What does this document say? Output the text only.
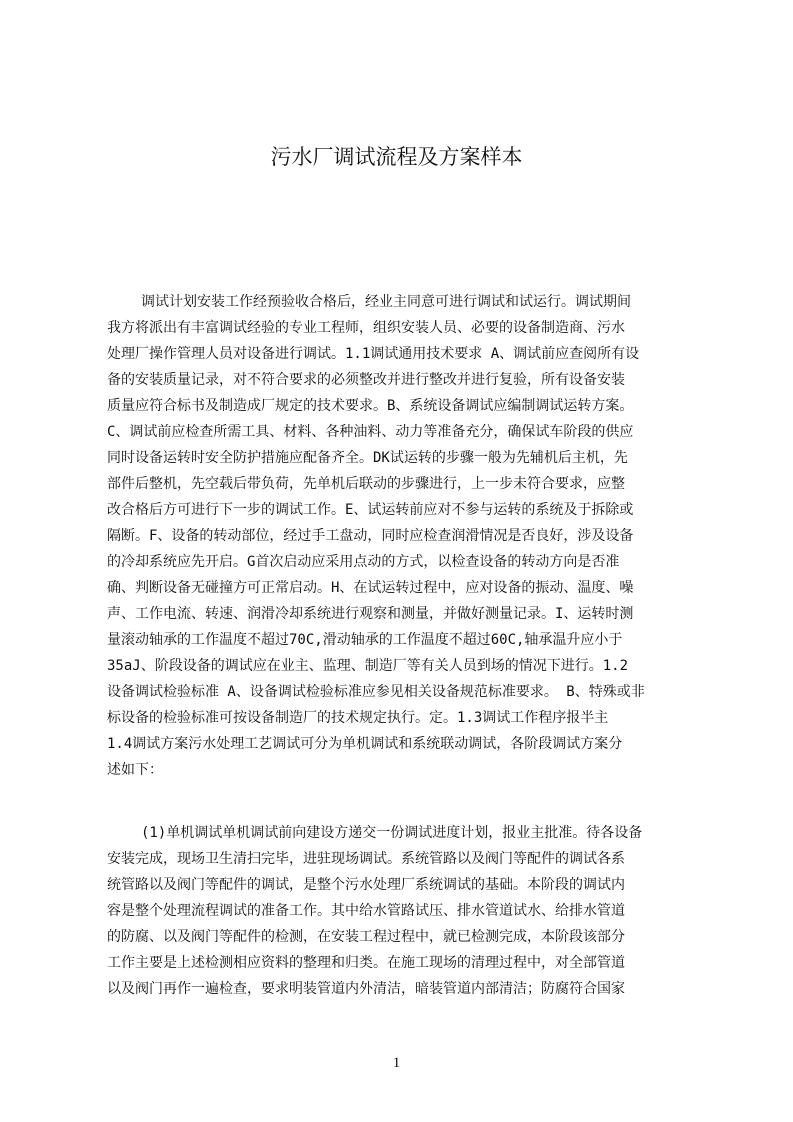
污水厂调试流程及方案样本
调试计划安装工作经预验收合格后，经业主同意可进行调试和试运行。调试期间
我方将派出有丰富调试经验的专业工程师，组织安装人员、必要的设备制造商、污水
处理厂操作管理人员对设备进行调试。1.1调试通用技术要求 A、调试前应查阅所有设
备的安装质量记录，对不符合要求的必须整改并进行整改并进行复验，所有设备安装
质量应符合标书及制造成厂规定的技术要求。B、系统设备调试应编制调试运转方案。
C、调试前应检查所需工具、材料、各种油料、动力等准备充分，确保试车阶段的供应
同时设备运转时安全防护措施应配备齐全。DK试运转的步骤一般为先辅机后主机，先
部件后整机，先空载后带负荷，先单机后联动的步骤进行，上一步未符合要求，应整
改合格后方可进行下一步的调试工作。E、试运转前应对不参与运转的系统及于拆除或
隔断。F、设备的转动部位，经过手工盘动，同时应检查润滑情况是否良好，涉及设备
的冷却系统应先开启。G首次启动应采用点动的方式，以检查设备的转动方向是否准
确、判断设备无碰撞方可正常启动。H、在试运转过程中，应对设备的振动、温度、噪
声、工作电流、转速、润滑冷却系统进行观察和测量，并做好测量记录。I、运转时测
量滚动轴承的工作温度不超过70C,滑动轴承的工作温度不超过60C,轴承温升应小于
35aJ、阶段设备的调试应在业主、监理、制造厂等有关人员到场的情况下进行。1.2
设备调试检验标准 A、设备调试检验标准应参见相关设备规范标准要求。 B、特殊或非
标设备的检验标准可按设备制造厂的技术规定执行。定。1.3调试工作程序报半主
1.4调试方案污水处理工艺调试可分为单机调试和系统联动调试，各阶段调试方案分
述如下：
(1)单机调试单机调试前向建设方递交一份调试进度计划，报业主批准。待各设备
安装完成，现场卫生清扫完毕，进驻现场调试。系统管路以及阀门等配件的调试各系
统管路以及阀门等配件的调试，是整个污水处理厂系统调试的基础。本阶段的调试内
容是整个处理流程调试的准备工作。其中给水管路试压、排水管道试水、给排水管道
的防腐、以及阀门等配件的检测，在安装工程过程中，就已检测完成，本阶段该部分
工作主要是上述检测相应资料的整理和归类。在施工现场的清理过程中，对全部管道
以及阀门再作一遍检查，要求明装管道内外清洁，暗装管道内部清洁；防腐符合国家
1
